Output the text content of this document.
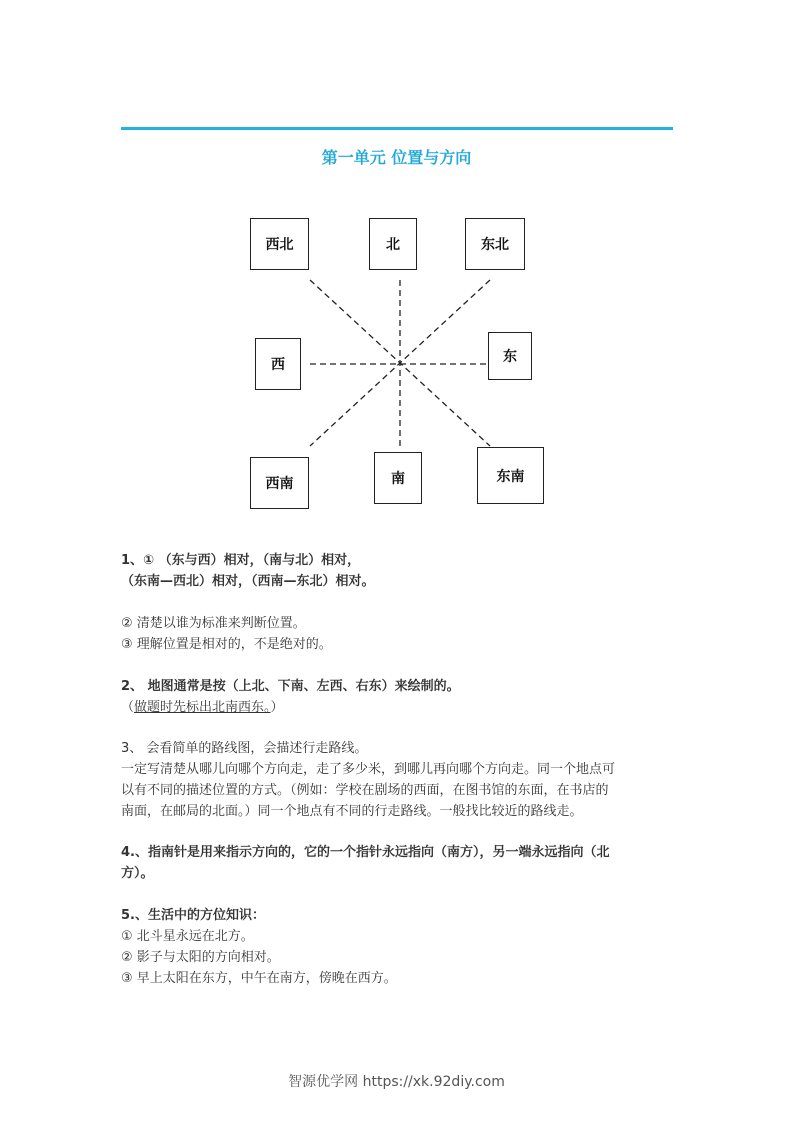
第一单元 位置与方向
西北	北	东北
西	东
西南	南	东南

1、① （东与西）相对，（南与北）相对，

（东南—西北）相对，（西南—东北）相对。

② 清楚以谁为标准来判断位置。

③ 理解位置是相对的，不是绝对的。

2、 地图通常是按（上北、下南、左西、右东）来绘制的。

（做题时先标出北南西东。）

3、 会看简单的路线图，会描述行走路线。

一定写清楚从哪儿向哪个方向走，走了多少米，到哪儿再向哪个方向走。同一个地点可

以有不同的描述位置的方式。（例如：学校在剧场的西面，在图书馆的东面，在书店的

南面，在邮局的北面。）同一个地点有不同的行走路线。一般找比较近的路线走。

4.、指南针是用来指示方向的，它的一个指针永远指向（南方），另一端永远指向（北

方）。

5.、生活中的方位知识：

① 北斗星永远在北方。

② 影子与太阳的方向相对。

③ 早上太阳在东方，中午在南方，傍晚在西方。

智源优学网 https://xk.92diy.com
